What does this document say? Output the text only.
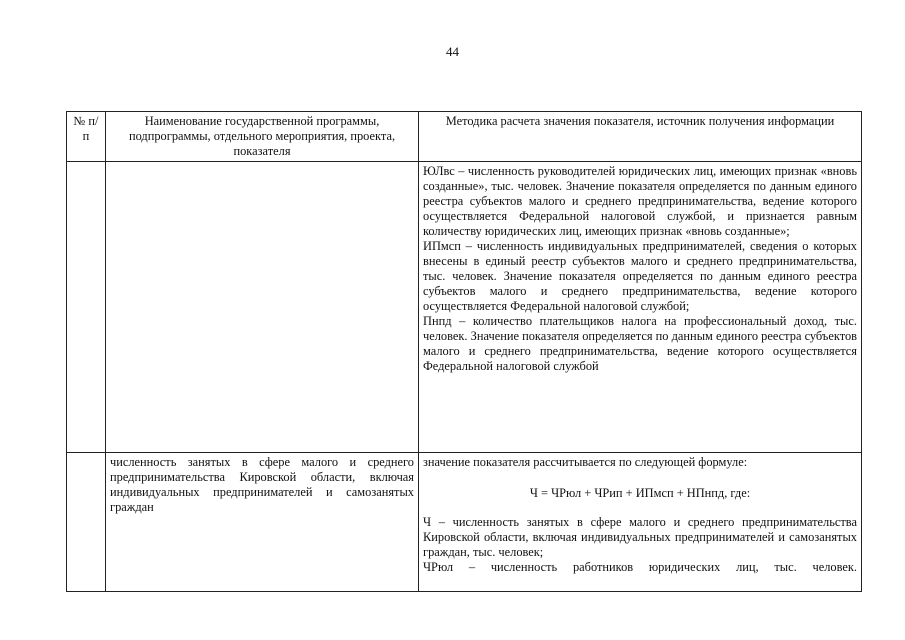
44
№ п/п	Наименование государственной программы, подпрограммы, отдельного мероприятия, проекта, показателя	Методика расчета значения показателя, источник получения информации

		ЮЛвс – численность руководителей юридических лиц, имеющих признак «вновь созданные», тыс. человек. Значение показателя определяется по данным единого реестра субъектов малого и среднего предпринимательства, ведение которого осуществляется Федеральной налоговой службой, и признается равным количеству юридических лиц, имеющих признак «вновь созданные»;

ИПмсп – численность индивидуальных предпринимателей, сведения о которых внесены в единый реестр субъектов малого и среднего предпринимательства, тыс. человек. Значение показателя определяется по данным единого реестра субъектов малого и среднего предпринимательства, ведение которого осуществляется Федеральной налоговой службой;

Пнпд – количество плательщиков налога на профессиональный доход, тыс. человек. Значение показателя определяется по данным единого реестра субъектов малого и среднего предпринимательства, ведение которого осуществляется Федеральной налоговой службой

	численность занятых в сфере малого и среднего предпринимательства Кировской области, включая индивидуальных предпринимателей и самозанятых граждан	значение показателя рассчитывается по следующей формуле:

Ч = ЧРюл + ЧРип + ИПмсп + НПнпд, где:

Ч – численность занятых в сфере малого и среднего предпринимательства Кировской области, включая индивидуальных предпринимателей и самозанятых граждан, тыс. человек;

ЧРюл – численность работников юридических лиц, тыс. человек.
